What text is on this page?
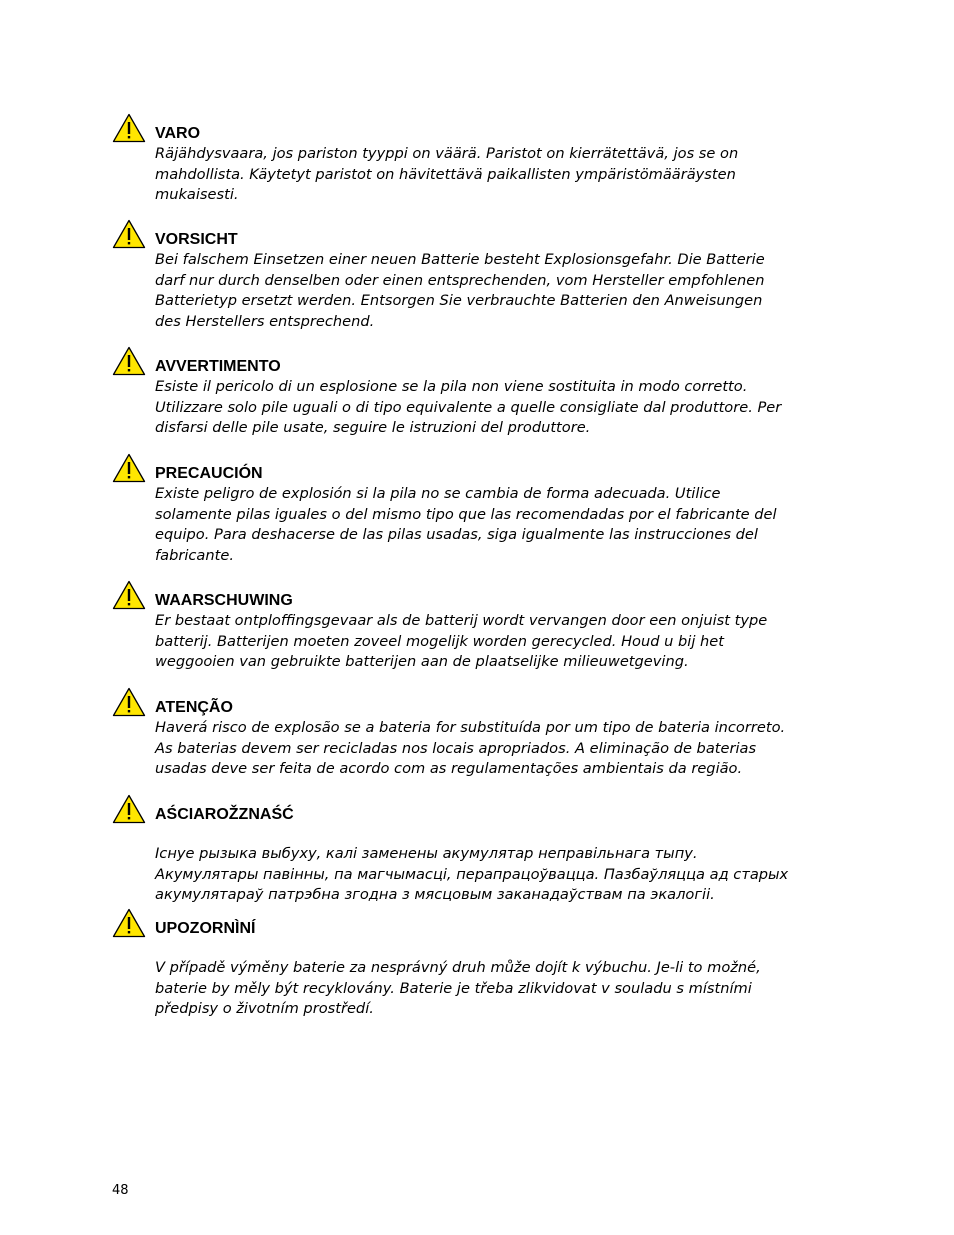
VARO
Räjähdysvaara, jos pariston tyyppi on väärä. Paristot on kierrätettävä, jos se on
mahdollista. Käytetyt paristot on hävitettävä paikallisten ympäristömääräysten
mukaisesti.
VORSICHT
Bei falschem Einsetzen einer neuen Batterie besteht Explosionsgefahr. Die Batterie
darf nur durch denselben oder einen entsprechenden, vom Hersteller empfohlenen
Batterietyp ersetzt werden. Entsorgen Sie verbrauchte Batterien den Anweisungen
des Herstellers entsprechend.
AVVERTIMENTO
Esiste il pericolo di un esplosione se la pila non viene sostituita in modo corretto.
Utilizzare solo pile uguali o di tipo equivalente a quelle consigliate dal produttore. Per
disfarsi delle pile usate, seguire le istruzioni del produttore.
PRECAUCIÓN
Existe peligro de explosión si la pila no se cambia de forma adecuada. Utilice
solamente pilas iguales o del mismo tipo que las recomendadas por el fabricante del
equipo. Para deshacerse de las pilas usadas, siga igualmente las instrucciones del
fabricante.
WAARSCHUWING
Er bestaat ontploffingsgevaar als de batterij wordt vervangen door een onjuist type
batterij. Batterijen moeten zoveel mogelijk worden gerecycled. Houd u bij het
weggooien van gebruikte batterijen aan de plaatselijke milieuwetgeving.
ATENÇÃO
Haverá risco de explosão se a bateria for substituída por um tipo de bateria incorreto.
As baterias devem ser recicladas nos locais apropriados. A eliminação de baterias
usadas deve ser feita de acordo com as regulamentações ambientais da região.
AŚCIAROŽZNAŚĆ
Існуе рызыка выбуху, калі заменены акумулятар неправільнага тыпу.
Акумулятары павінны, па магчымасці, перапрацоўвацца. Пазбаўляцца ад старых
акумулятараў патрэбна згодна з мясцовым заканадаўствам па экалогіі.
UPOZORNÌNÍ
V případě výměny baterie za nesprávný druh může dojít k výbuchu. Je-li to možné,
baterie by měly být recyklovány. Baterie je třeba zlikvidovat v souladu s místními
předpisy o životním prostředí.
48
